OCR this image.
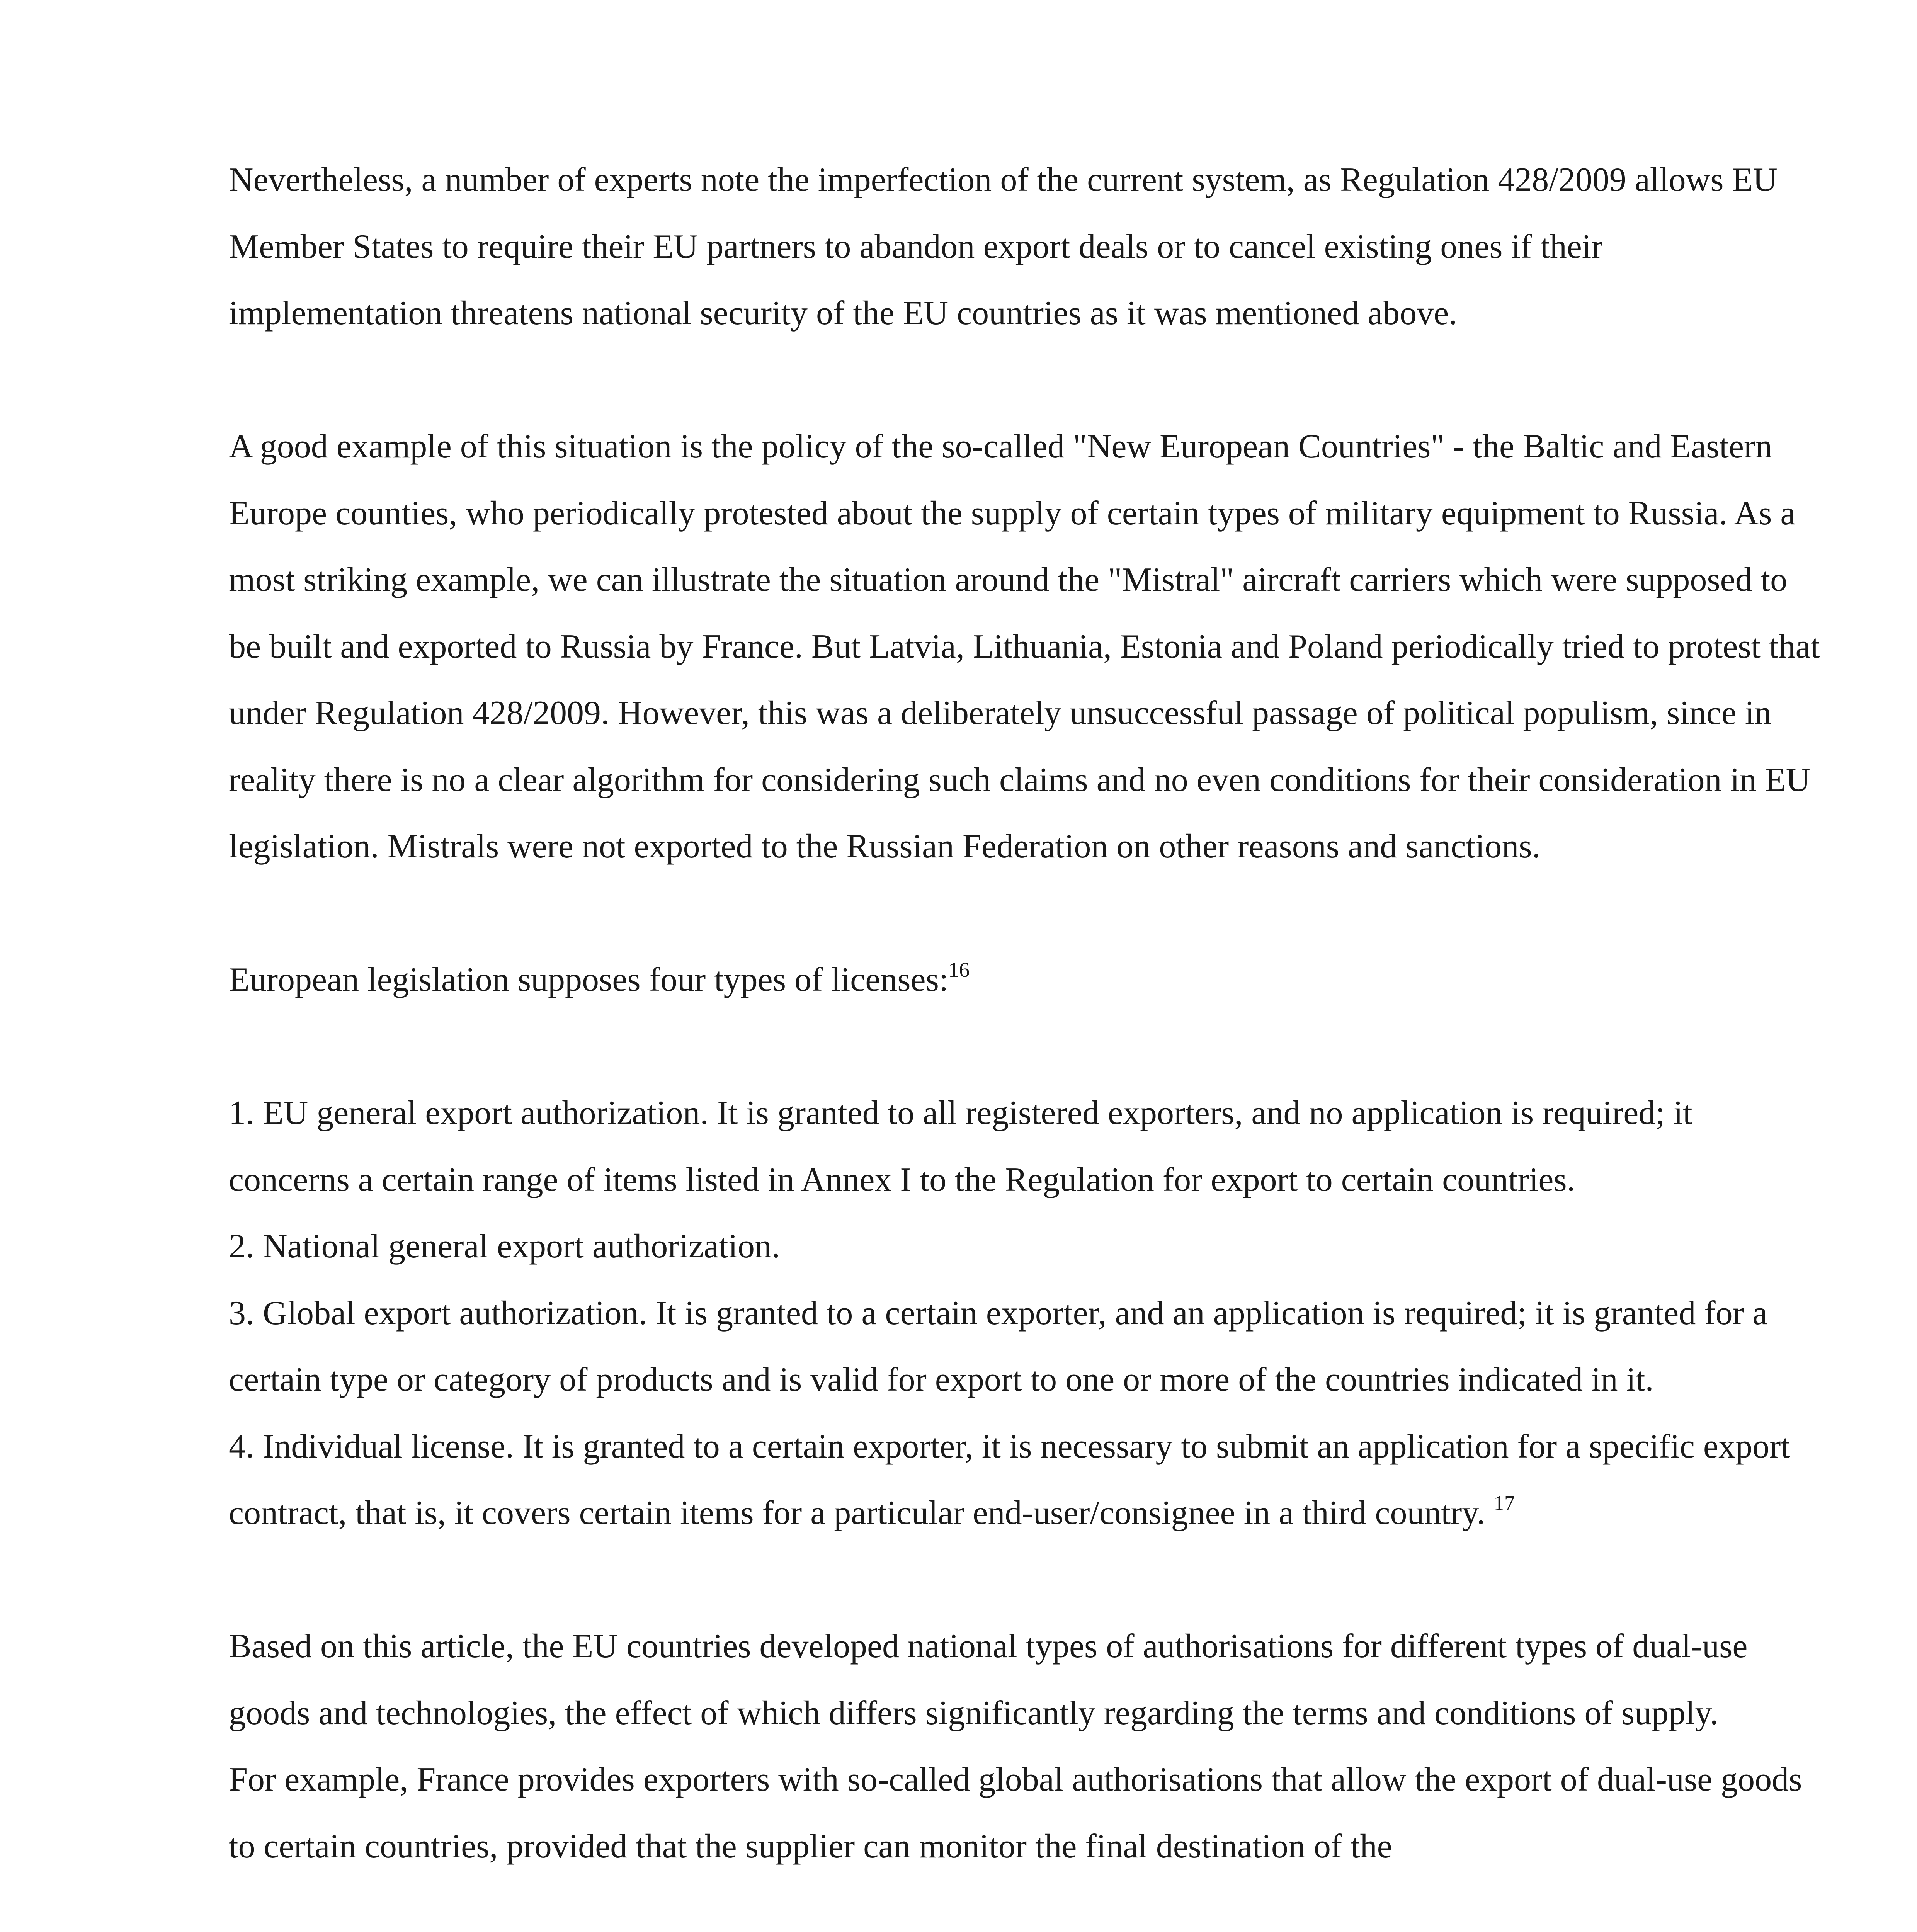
Nevertheless, a number of experts note the imperfection of the current system, as Regulation 428/2009 allows EU Member States to require their EU partners to abandon export deals or to cancel existing ones if their implementation threatens national security of the EU countries as it was mentioned above.

A good example of this situation is the policy of the so-called "New European Countries" - the Baltic and Eastern Europe counties, who periodically protested about the supply of certain types of military equipment to Russia. As a most striking example, we can illustrate the situation around the "Mistral" aircraft carriers which were supposed to be built and exported to Russia by France. But Latvia, Lithuania, Estonia and Poland periodically tried to protest that under Regulation 428/2009. However, this was a deliberately unsuccessful passage of political populism, since in reality there is no a clear algorithm for considering such claims and no even conditions for their consideration in EU legislation. Mistrals were not exported to the Russian Federation on other reasons and sanctions.

European legislation supposes four types of licenses:$^{16}$

1. EU general export authorization. It is granted to all registered exporters, and no application is required; it concerns a certain range of items listed in Annex I to the Regulation for export to certain countries.

2. National general export authorization.

3. Global export authorization. It is granted to a certain exporter, and an application is required; it is granted for a certain type or category of products and is valid for export to one or more of the countries indicated in it.

4. Individual license. It is granted to a certain exporter, it is necessary to submit an application for a specific export contract, that is, it covers certain items for a particular end-user/consignee in a third country. $^{17}$

Based on this article, the EU countries developed national types of authorisations for different types of dual-use goods and technologies, the effect of which differs significantly regarding the terms and conditions of supply.

For example, France provides exporters with so-called global authorisations that allow the export of dual-use goods to certain countries, provided that the supplier can monitor the final destination of the
